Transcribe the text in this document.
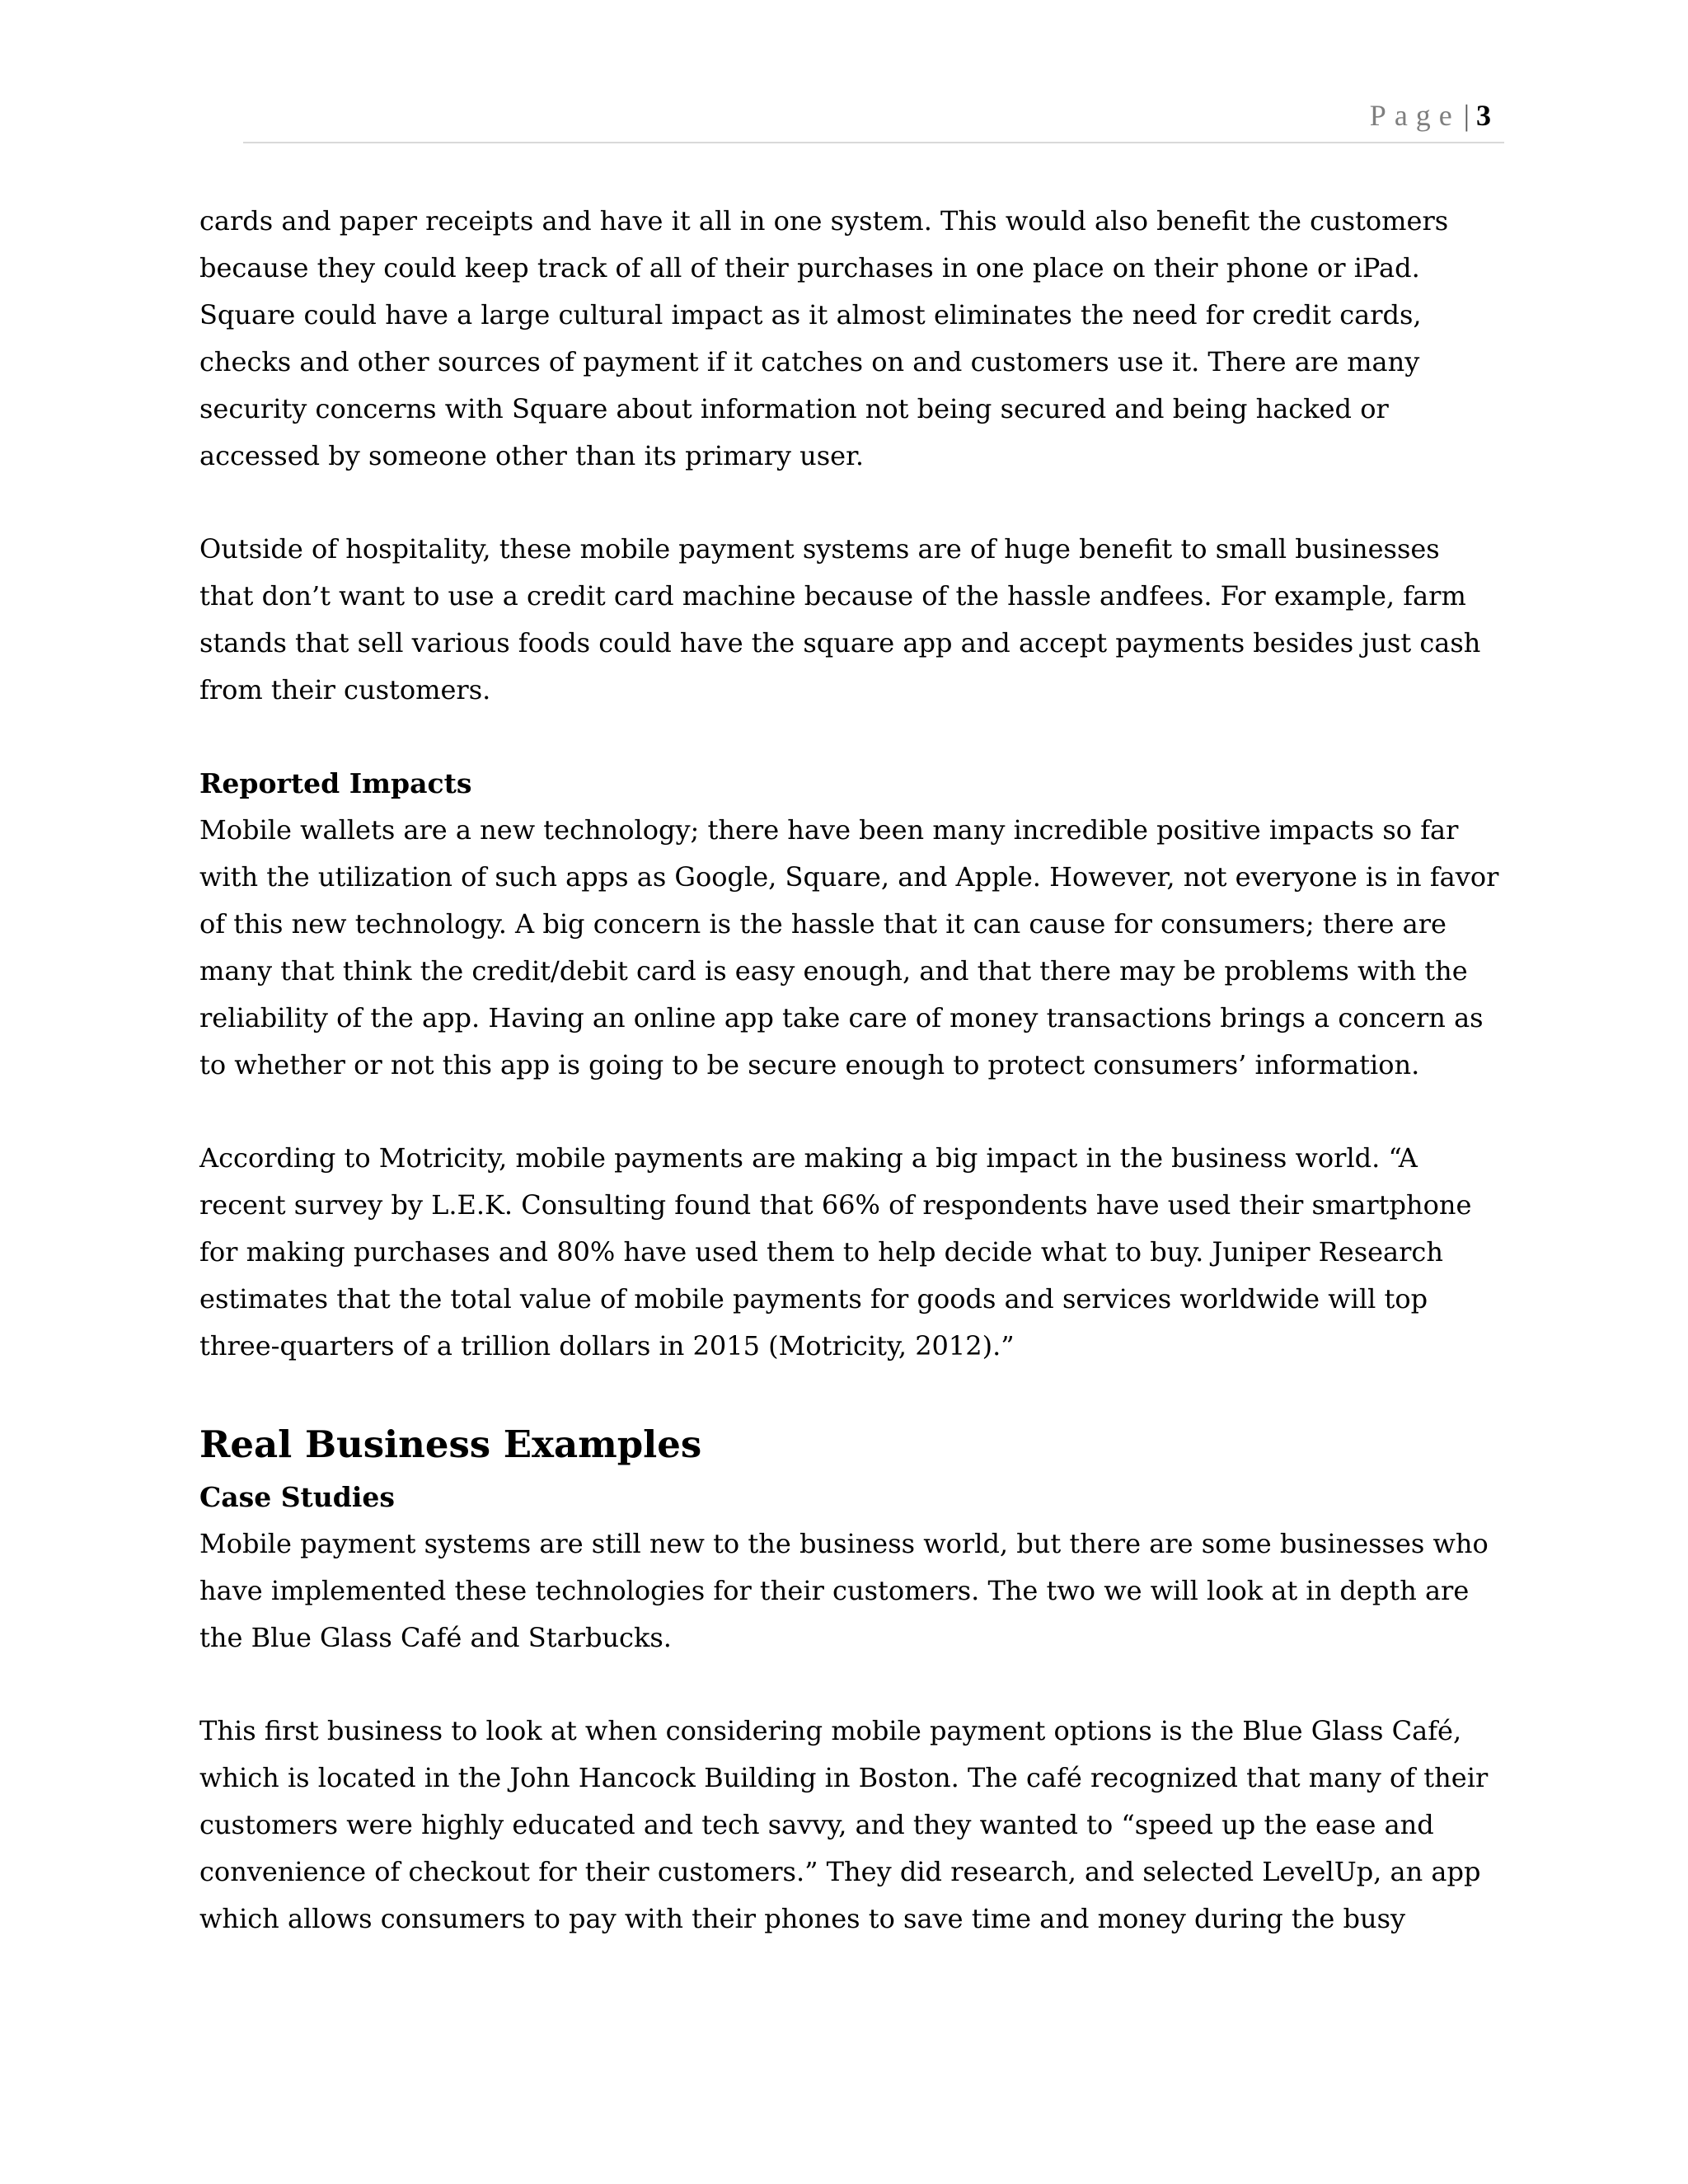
Page | 3

cards and paper receipts and have it all in one system. This would also benefit the customers because they could keep track of all of their purchases in one place on their phone or iPad. Square could have a large cultural impact as it almost eliminates the need for credit cards, checks and other sources of payment if it catches on and customers use it. There are many security concerns with Square about information not being secured and being hacked or accessed by someone other than its primary user.

Outside of hospitality, these mobile payment systems are of huge benefit to small businesses that don’t want to use a credit card machine because of the hassle andfees. For example, farm stands that sell various foods could have the square app and accept payments besides just cash from their customers.

Reported Impacts

Mobile wallets are a new technology; there have been many incredible positive impacts so far with the utilization of such apps as Google, Square, and Apple. However, not everyone is in favor of this new technology. A big concern is the hassle that it can cause for consumers; there are many that think the credit/debit card is easy enough, and that there may be problems with the reliability of the app. Having an online app take care of money transactions brings a concern as to whether or not this app is going to be secure enough to protect consumers’ information.

According to Motricity, mobile payments are making a big impact in the business world. “A recent survey by L.E.K. Consulting found that 66% of respondents have used their smartphone for making purchases and 80% have used them to help decide what to buy. Juniper Research estimates that the total value of mobile payments for goods and services worldwide will top three-quarters of a trillion dollars in 2015 (Motricity, 2012).”

Real Business Examples
Case Studies

Mobile payment systems are still new to the business world, but there are some businesses who have implemented these technologies for their customers. The two we will look at in depth are the Blue Glass Café and Starbucks.

This first business to look at when considering mobile payment options is the Blue Glass Café, which is located in the John Hancock Building in Boston. The café recognized that many of their customers were highly educated and tech savvy, and they wanted to “speed up the ease and convenience of checkout for their customers.” They did research, and selected LevelUp, an app which allows consumers to pay with their phones to save time and money during the busy
